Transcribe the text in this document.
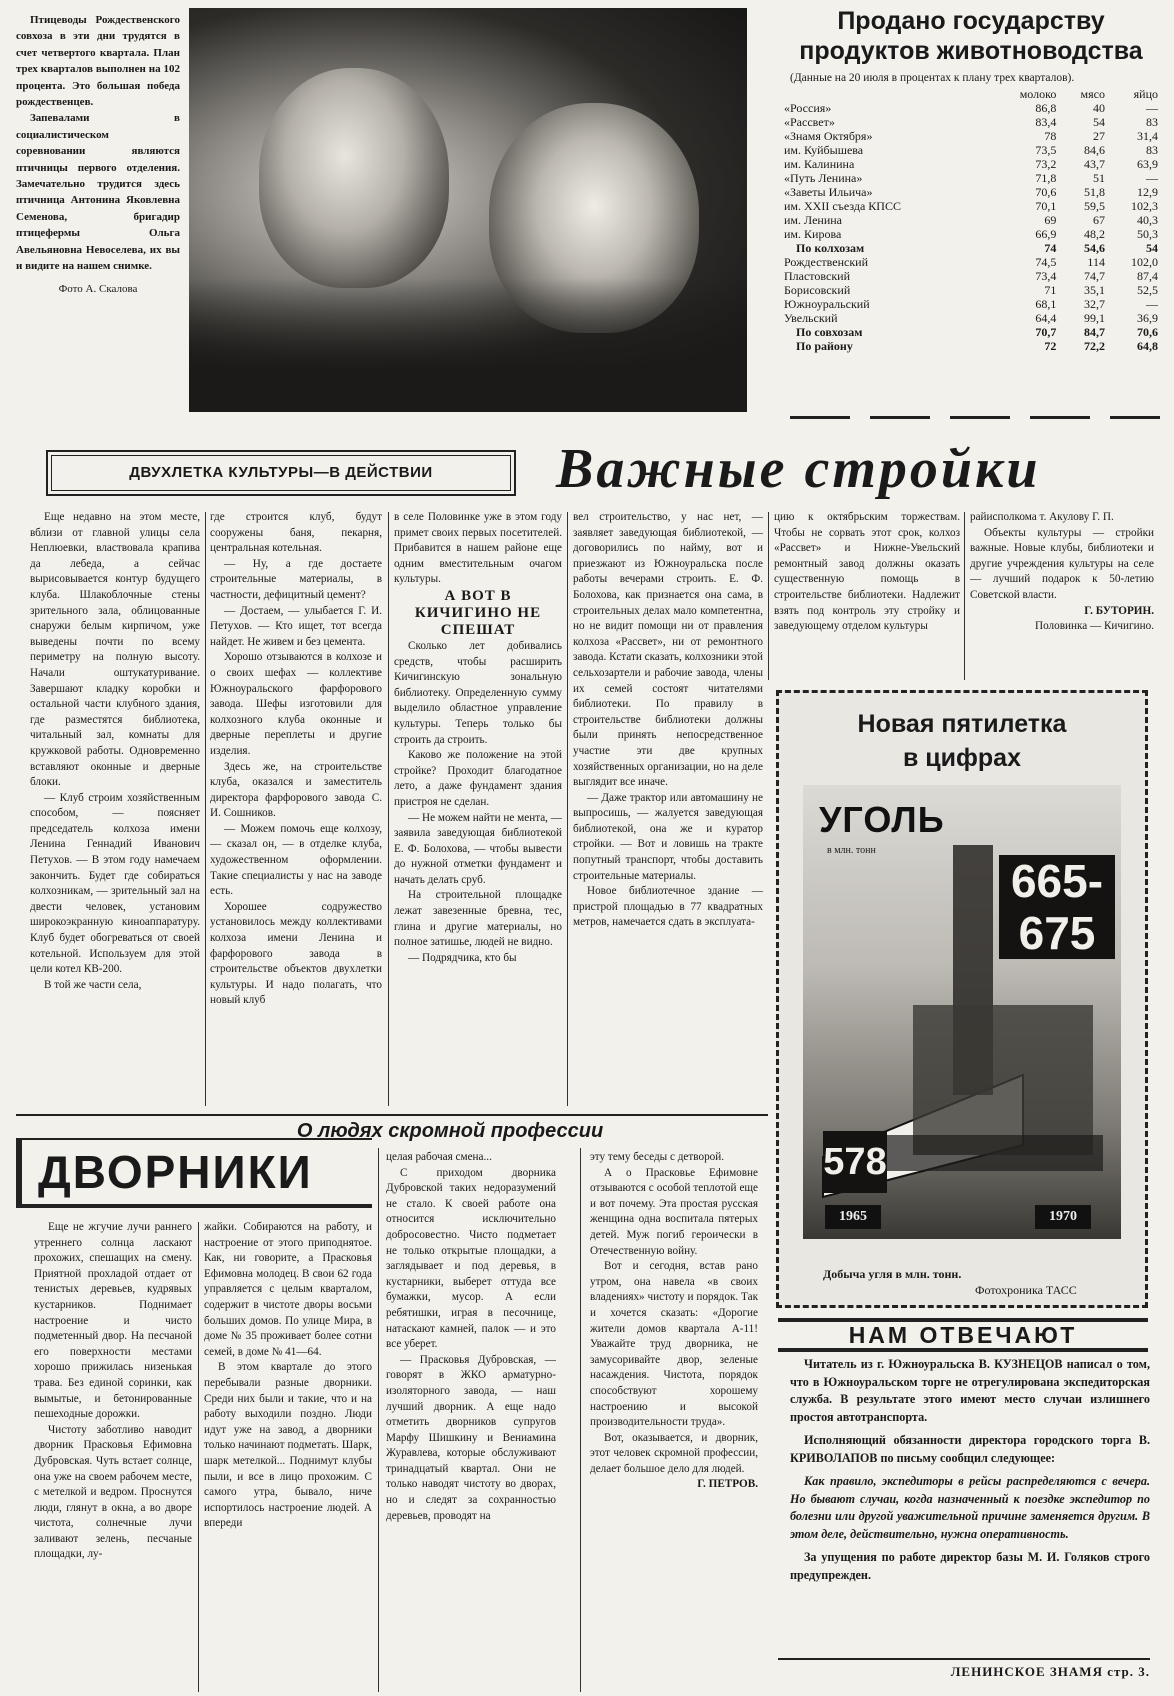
Птицеводы Рождественского совхоза в эти дни трудятся в счет четвертого квартала. План трех кварталов выполнен на 102 процента. Это большая победа рождественцев.

Запевалами в социалистическом соревновании являются птичницы первого отделения. Замечательно трудится здесь птичница Антонина Яковлевна Семенова, бригадир птицефермы Ольга Авельяновна Невоселева, их вы и видите на нашем снимке.

Фото А. Скалова

Продано государству продуктов животноводства
(Данные на 20 июля в процентах к плану трех кварталов).
	молоко	мясо	яйцо
«Россия»	86,8	40	—
«Рассвет»	83,4	54	83
«Знамя Октября»	78	27	31,4
им. Куйбышева	73,5	84,6	83
им. Калинина	73,2	43,7	63,9
«Путь Ленина»	71,8	51	—
«Заветы Ильича»	70,6	51,8	12,9
им. XXII съезда КПСС	70,1	59,5	102,3
им. Ленина	69	67	40,3
им. Кирова	66,9	48,2	50,3
По колхозам	74	54,6	54
Рождественский	74,5	114	102,0
Пластовский	73,4	74,7	87,4
Борисовский	71	35,1	52,5
Южноуральский	68,1	32,7	—
Увельский	64,4	99,1	36,9
По совхозам	70,7	84,7	70,6
По району	72	72,2	64,8
ДВУХЛЕТКА КУЛЬТУРЫ—В ДЕЙСТВИИ	Важные стройки

Еще недавно на этом месте, вблизи от главной улицы села Неплюевки, властвовала крапива да лебеда, а сейчас вырисовывается контур будущего клуба. Шлакоблочные стены зрительного зала, облицованные снаружи белым кирпичом, уже выведены почти по всему периметру на полную высоту. Начали оштукатуривание. Завершают кладку коробки и остальной части клубного здания, где разместятся библиотека, читальный зал, комнаты для кружковой работы. Одновременно вставляют оконные и дверные блоки.

— Клуб строим хозяйственным способом, — поясняет председатель колхоза имени Ленина Геннадий Иванович Петухов. — В этом году намечаем закончить. Будет где собираться колхозникам, — зрительный зал на двести человек, установим широкоэкранную киноаппаратуру. Клуб будет обогреваться от своей котельной. Используем для этой цели котел КВ-200.

В той же части села,

где строится клуб, будут сооружены баня, пекарня, центральная котельная.

— Ну, а где достаете строительные материалы, в частности, дефицитный цемент?

— Достаем, — улыбается Г. И. Петухов. — Кто ищет, тот всегда найдет. Не живем и без цемента.

Хорошо отзываются в колхозе и о своих шефах — коллективе Южноуральского фарфорового завода. Шефы изготовили для колхозного клуба оконные и дверные переплеты и другие изделия.

Здесь же, на строительстве клуба, оказался и заместитель директора фарфорового завода С. И. Сошников.

— Можем помочь еще колхозу, — сказал он, — в отделке клуба, художественном оформлении. Такие специалисты у нас на заводе есть.

Хорошее содружество установилось между коллективами колхоза имени Ленина и фарфорового завода в строительстве объектов двухлетки культуры. И надо полагать, что новый клуб

в селе Половинке уже в этом году примет своих первых посетителей. Прибавится в нашем районе еще одним вместительным очагом культуры.

А ВОТ В КИЧИГИНО НЕ СПЕШАТ

Сколько лет добивались средств, чтобы расширить Кичигинскую зональную библиотеку. Определенную сумму выделило областное управление культуры. Теперь только бы строить да строить.

Каково же положение на этой стройке? Проходит благодатное лето, а даже фундамент здания пристроя не сделан.

— Не можем найти не мента, — заявила заведующая библиотекой Е. Ф. Болохова, — чтобы вывести до нужной отметки фундамент и начать делать сруб.

На строительной площадке лежат завезенные бревна, тес, глина и другие материалы, но полное затишье, людей не видно.

— Подрядчика, кто бы

вел строительство, у нас нет, — заявляет заведующая библиотекой, — договорились по найму, вот и приезжают из Южноуральска после работы вечерами строить. Е. Ф. Болохова, как признается она сама, в строительных делах мало компетентна, но не видит помощи ни от правления колхоза «Рассвет», ни от ремонтного завода. Кстати сказать, колхозники этой сельхозартели и рабочие завода, члены их семей состоят читателями библиотеки. По правилу в строительстве библиотеки должны были принять непосредственное участие эти две крупных хозяйственных организации, но на деле выглядит все иначе.

— Даже трактор или автомашину не выпросишь, — жалуется заведующая библиотекой, она же и куратор стройки. — Вот и ловишь на тракте попутный транспорт, чтобы доставить строительные материалы.

Новое библиотечное здание — пристрой площадью в 77 квадратных метров, намечается сдать в эксплуата-

цию к октябрьским торжествам. Чтобы не сорвать этот срок, колхоз «Рассвет» и Нижне-Увельский ремонтный завод должны оказать существенную помощь в строительстве библиотеки. Надлежит взять под контроль эту стройку и заведующему отделом культуры

райисполкома т. Акулову Г. П.

Объекты культуры — стройки важные. Новые клубы, библиотеки и другие учреждения культуры на селе — лучший подарок к 50-летию Советской власти.

Г. БУТОРИН.

Половинка — Кичигино.

Новая пятилетка в цифрах
УГОЛЬ
в млн. тонн
665-675
578
1965	1970
Добыча угля в млн. тонн.
Фотохроника ТАСС
НАМ ОТВЕЧАЮТ

Читатель из г. Южноуральска В. КУЗНЕЦОВ написал о том, что в Южноуральском торге не отрегулирована экспедиторская служба. В результате этого имеют место случаи излишнего простоя автотранспорта.

Исполняющий обязанности директора городского торга В. КРИВОЛАПОВ по письму сообщил следующее:

Как правило, экспедиторы в рейсы распределяются с вечера. Но бывают случаи, когда назначенный к поездке экспедитор по болезни или другой уважительной причине заменяется другим. В этом деле, действительно, нужна оперативность.

За упущения по работе директор базы М. И. Голяков строго предупрежден.

ЛЕНИНСКОЕ ЗНАМЯ стр. 3.
О людях скромной профессии
ДВОРНИКИ

Еще не жгучие лучи раннего утреннего солнца ласкают прохожих, спешащих на смену. Приятной прохладой отдает от тенистых деревьев, кудрявых кустарников. Поднимает настроение и чисто подметенный двор. На песчаной его поверхности местами хорошо прижилась низенькая трава. Без единой соринки, как вымытые, и бетонированные пешеходные дорожки.

Чистоту заботливо наводит дворник Прасковья Ефимовна Дубровская. Чуть встает солнце, она уже на своем рабочем месте, с метелкой и ведром. Проснутся люди, глянут в окна, а во дворе чистота, солнечные лучи заливают зелень, песчаные площадки, лу-

жайки. Собираются на работу, и настроение от этого приподнятое. Как, ни говорите, а Прасковья Ефимовна молодец. В свои 62 года управляется с целым кварталом, содержит в чистоте дворы восьми больших домов. По улице Мира, в доме № 35 проживает более сотни семей, в доме № 41—64.

В этом квартале до этого перебывали разные дворники. Среди них были и такие, что и на работу выходили поздно. Люди идут уже на завод, а дворники только начинают подметать. Шарк, шарк метелкой... Поднимут клубы пыли, и все в лицо прохожим. С самого утра, бывало, ниче испортилось настроение людей. А впереди

целая рабочая смена...

С приходом дворника Дубровской таких недоразумений не стало. К своей работе она относится исключительно добросовестно. Чисто подметает не только открытые площадки, а заглядывает и под деревья, в кустарники, выберет оттуда все бумажки, мусор. А если ребятишки, играя в песочнице, натаскают камней, палок — и это все уберет.

— Прасковья Дубровская, — говорят в ЖКО арматурно-изоляторного завода, — наш лучший дворник. А еще надо отметить дворников супругов Марфу Шишкину и Вениамина Журавлева, которые обслуживают тринадцатый квартал. Они не только наводят чистоту во дворах, но и следят за сохранностью деревьев, проводят на

эту тему беседы с детворой.

А о Прасковье Ефимовне отзываются с особой теплотой еще и вот почему. Эта простая русская женщина одна воспитала пятерых детей. Муж погиб героически в Отечественную войну.

Вот и сегодня, встав рано утром, она навела «в своих владениях» чистоту и порядок. Так и хочется сказать: «Дорогие жители домов квартала А-11! Уважайте труд дворника, не замусоривайте двор, зеленые насаждения. Чистота, порядок способствуют хорошему настроению и высокой производительности труда».

Вот, оказывается, и дворник, этот человек скромной профессии, делает большое дело для людей.

Г. ПЕТРОВ.
